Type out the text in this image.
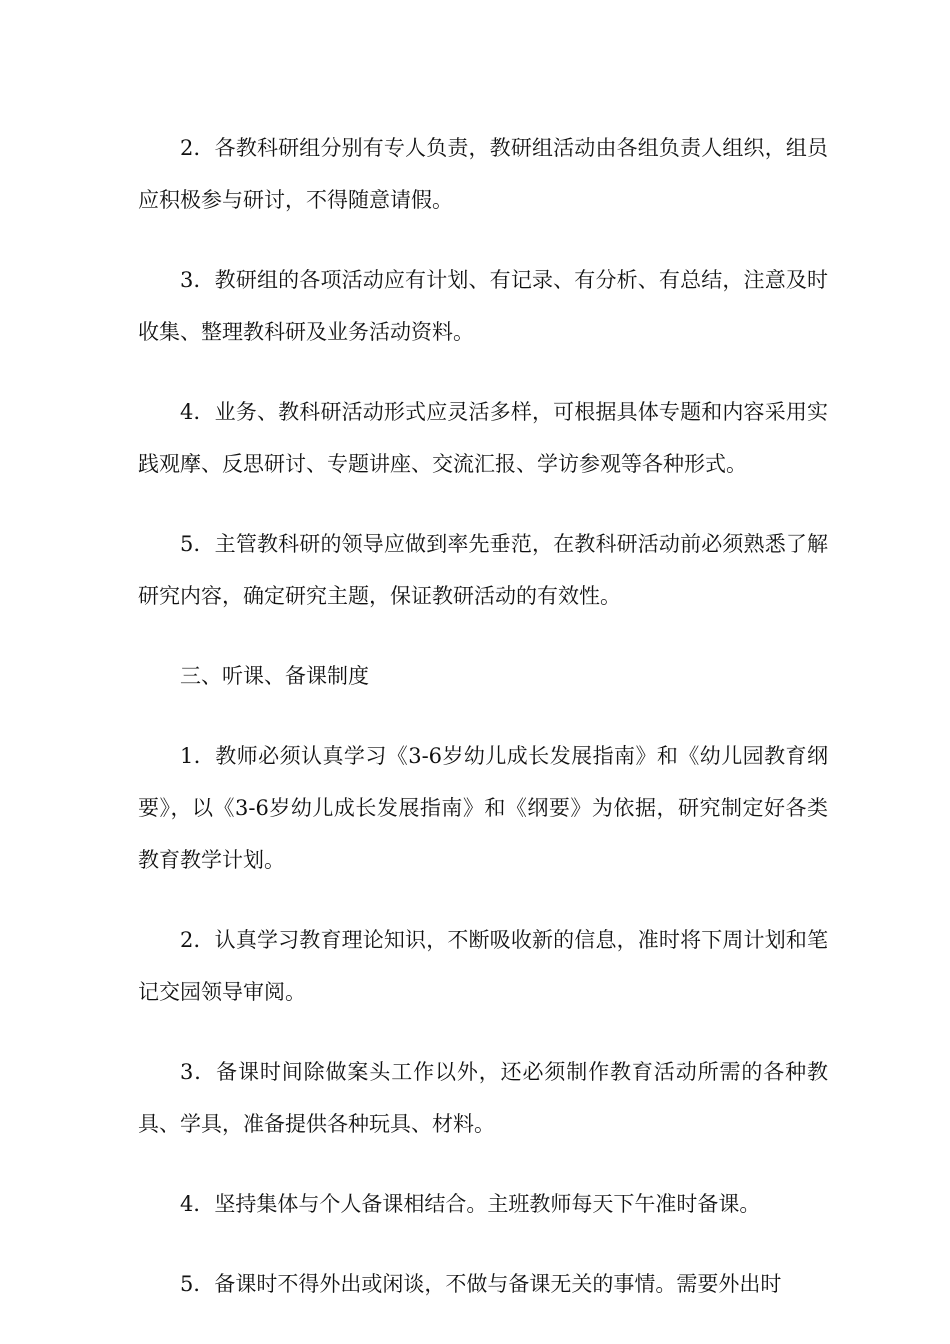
2．各教科研组分别有专人负责，教研组活动由各组负责人组织，组员应积极参与研讨，不得随意请假。

3．教研组的各项活动应有计划、有记录、有分析、有总结，注意及时收集、整理教科研及业务活动资料。

4．业务、教科研活动形式应灵活多样，可根据具体专题和内容采用实践观摩、反思研讨、专题讲座、交流汇报、学访参观等各种形式。

5．主管教科研的领导应做到率先垂范，在教科研活动前必须熟悉了解研究内容，确定研究主题，保证教研活动的有效性。

三、听课、备课制度

1．教师必须认真学习《3-6岁幼儿成长发展指南》和《幼儿园教育纲要》，以《3-6岁幼儿成长发展指南》和《纲要》为依据，研究制定好各类教育教学计划。

2．认真学习教育理论知识，不断吸收新的信息，准时将下周计划和笔记交园领导审阅。

3．备课时间除做案头工作以外，还必须制作教育活动所需的各种教具、学具，准备提供各种玩具、材料。

4．坚持集体与个人备课相结合。主班教师每天下午准时备课。

5．备课时不得外出或闲谈，不做与备课无关的事情。需要外出时
